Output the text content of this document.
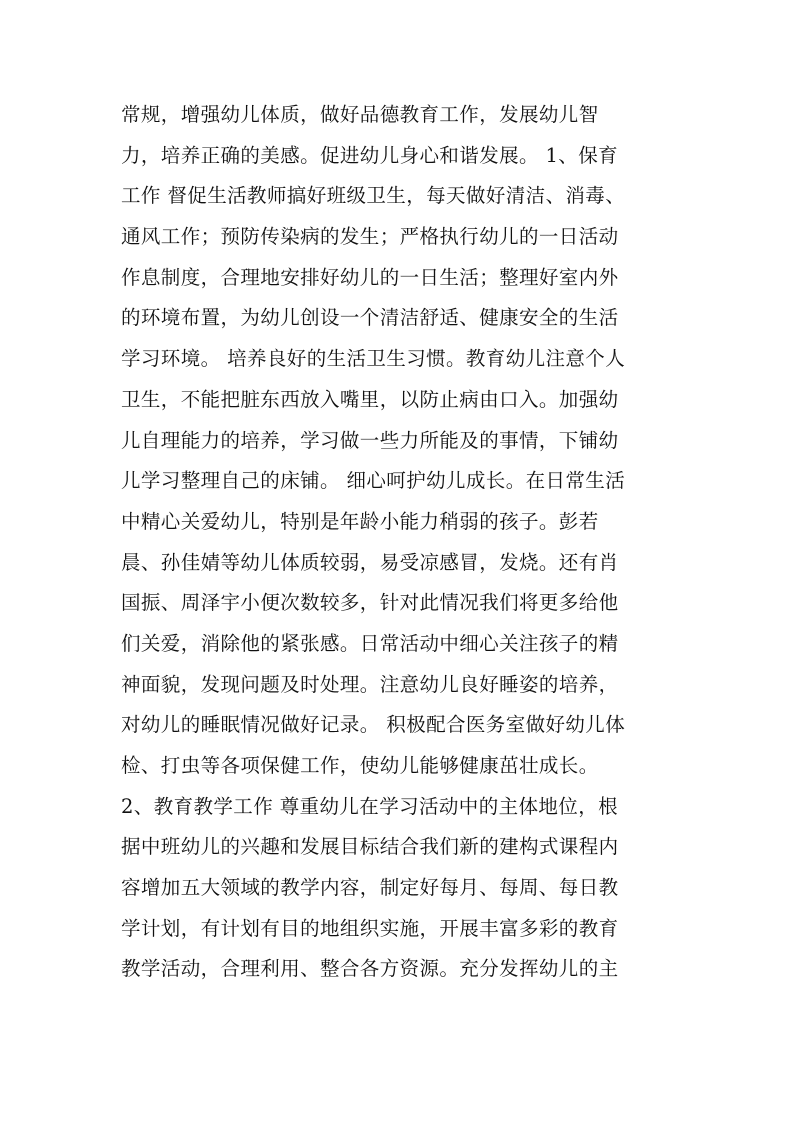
常规，增强幼儿体质，做好品德教育工作，发展幼儿智
力，培养正确的美感。促进幼儿身心和谐发展。 1、保育
工作 督促生活教师搞好班级卫生，每天做好清洁、消毒、
通风工作；预防传染病的发生；严格执行幼儿的一日活动
作息制度，合理地安排好幼儿的一日生活；整理好室内外
的环境布置，为幼儿创设一个清洁舒适、健康安全的生活
学习环境。 培养良好的生活卫生习惯。教育幼儿注意个人
卫生，不能把脏东西放入嘴里，以防止病由口入。加强幼
儿自理能力的培养，学习做一些力所能及的事情，下铺幼
儿学习整理自己的床铺。 细心呵护幼儿成长。在日常生活
中精心关爱幼儿，特别是年龄小能力稍弱的孩子。彭若
晨、孙佳婧等幼儿体质较弱，易受凉感冒，发烧。还有肖
国振、周泽宇小便次数较多，针对此情况我们将更多给他
们关爱，消除他的紧张感。日常活动中细心关注孩子的精
神面貌，发现问题及时处理。注意幼儿良好睡姿的培养，
对幼儿的睡眠情况做好记录。 积极配合医务室做好幼儿体
检、打虫等各项保健工作，使幼儿能够健康茁壮成长。
2、教育教学工作 尊重幼儿在学习活动中的主体地位，根
据中班幼儿的兴趣和发展目标结合我们新的建构式课程内
容增加五大领域的教学内容，制定好每月、每周、每日教
学计划，有计划有目的地组织实施，开展丰富多彩的教育
教学活动，合理利用、整合各方资源。充分发挥幼儿的主
